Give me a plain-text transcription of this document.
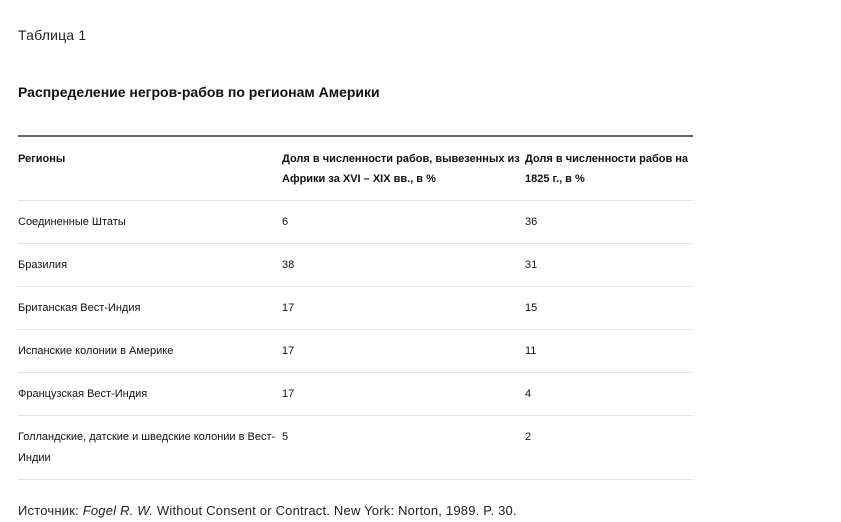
Таблица 1
Распределение негров-рабов по регионам Америки
Регионы	Доля в численности рабов, вывезенных из Африки за XVI – XIX вв., в %	Доля в численности рабов на 1825 г., в %
Соединенные Штаты	6	36
Бразилия	38	31
Британская Вест-Индия	17	15
Испанские колонии в Америке	17	11
Французская Вест-Индия	17	4
Голландские, датские и шведские колонии в Вест-Индии	5	2
Источник: Fogel R. W. Without Consent or Contract. New York: Norton, 1989. P. 30.
